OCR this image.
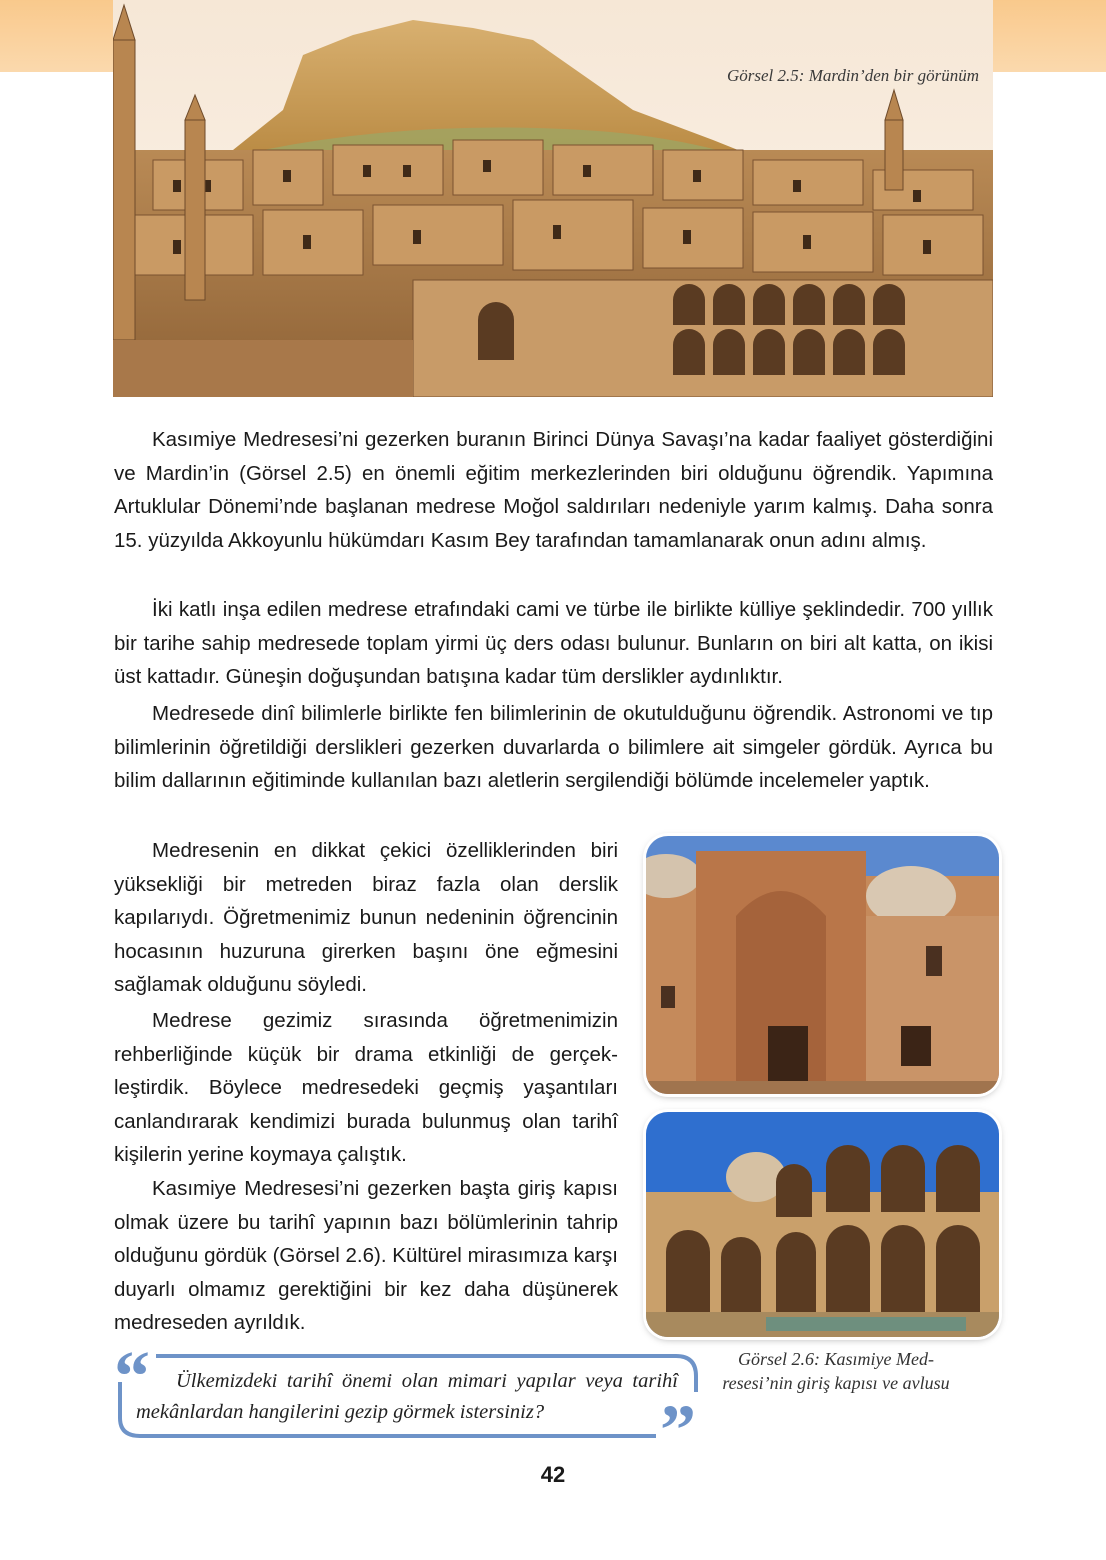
Görsel 2.5: Mardin’den bir görünüm

Kasımiye Medresesi’ni gezerken buranın Birinci Dünya Savaşı’na kadar faaliyet gösterdiğini ve Mardin’in (Görsel 2.5) en önemli eğitim merkezlerinden biri olduğunu öğrendik. Yapımına Artuklular Dönemi’nde başlanan medrese Moğol saldırıları nedeniyle yarım kalmış. Daha sonra 15. yüzyılda Akkoyunlu hükümdarı Kasım Bey tarafından tamamlanarak onun adını almış.

İki katlı inşa edilen medrese etrafındaki cami ve türbe ile birlikte külliye şeklindedir. 700 yıllık bir tarihe sahip medresede toplam yirmi üç ders odası bulunur. Bunların on biri alt katta, on ikisi üst kattadır. Güneşin doğuşundan batışına kadar tüm derslikler aydınlıktır.

Medresede dinî bilimlerle birlikte fen bilimlerinin de okutulduğunu öğrendik. Astronomi ve tıp bilimlerinin öğretildiği derslikleri gezerken duvarlarda o bilimlere ait simgeler gördük. Ayrıca bu bilim dallarının eğitiminde kullanılan bazı aletlerin sergilendiği bölümde incelemeler yaptık.

Medresenin en dikkat çekici özelliklerinden biri yüksekliği bir metreden biraz fazla olan derslik kapılarıydı. Öğretmenimiz bunun nedeninin öğrencinin hocasının huzuruna girerken başını öne eğmesini sağlamak olduğunu söyledi.

Medrese gezimiz sırasında öğretmenimizin rehberliğinde küçük bir drama etkinliği de gerçekleştirdik. Böylece medresedeki geçmiş yaşantıları canlandırarak kendimizi burada bulunmuş olan tarihî kişilerin yerine koymaya çalıştık.

Kasımiye Medresesi’ni gezerken başta giriş kapısı olmak üzere bu tarihî yapının bazı bölümlerinin tahrip olduğunu gördük (Görsel 2.6). Kültürel mirasımıza karşı duyarlı olmamız gerektiğini bir kez daha düşünerek medreseden ayrıldık.

Görsel 2.6: Kasımiye Medresesi’nin giriş kapısı ve avlusu
“
”

Ülkemizdeki tarihî önemi olan mimari yapılar veya tarihî mekânlardan hangilerini gezip görmek istersiniz?

42
